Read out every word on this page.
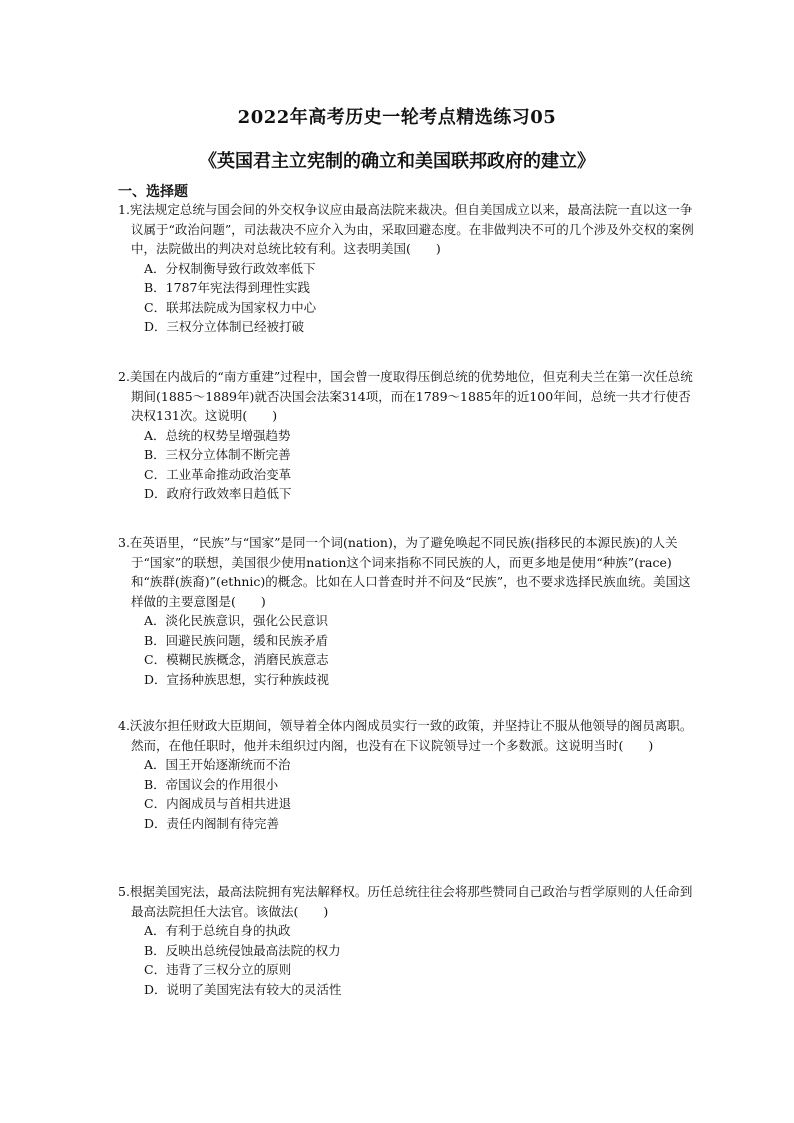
2022年高考历史一轮考点精选练习05
《英国君主立宪制的确立和美国联邦政府的建立》
一、选择题

1.宪法规定总统与国会间的外交权争议应由最高法院来裁决。但自美国成立以来，最高法院一直以这一争议属于“政治问题”，司法裁决不应介入为由，采取回避态度。在非做判决不可的几个涉及外交权的案例中，法院做出的判决对总统比较有利。这表明美国(　　)

A．分权制衡导致行政效率低下
B．1787年宪法得到理性实践
C．联邦法院成为国家权力中心
D．三权分立体制已经被打破

2.美国在内战后的“南方重建”过程中，国会曾一度取得压倒总统的优势地位，但克利夫兰在第一次任总统期间(1885～1889年)就否决国会法案314项，而在1789～1885年的近100年间，总统一共才行使否决权131次。这说明(　　)

A．总统的权势呈增强趋势
B．三权分立体制不断完善
C．工业革命推动政治变革
D．政府行政效率日趋低下

3.在英语里，“民族”与“国家”是同一个词(nation)，为了避免唤起不同民族(指移民的本源民族)的人关于“国家”的联想，美国很少使用nation这个词来指称不同民族的人，而更多地是使用“种族”(race)和“族群(族裔)”(ethnic)的概念。比如在人口普查时并不问及“民族”，也不要求选择民族血统。美国这样做的主要意图是(　　)

A．淡化民族意识，强化公民意识
B．回避民族问题，缓和民族矛盾
C．模糊民族概念，消磨民族意志
D．宣扬种族思想，实行种族歧视

4.沃波尔担任财政大臣期间，领导着全体内阁成员实行一致的政策，并坚持让不服从他领导的阁员离职。然而，在他任职时，他并未组织过内阁，也没有在下议院领导过一个多数派。这说明当时(　　)

A．国王开始逐渐统而不治
B．帝国议会的作用很小
C．内阁成员与首相共进退
D．责任内阁制有待完善

5.根据美国宪法，最高法院拥有宪法解释权。历任总统往往会将那些赞同自己政治与哲学原则的人任命到最高法院担任大法官。该做法(　　)

A．有利于总统自身的执政
B．反映出总统侵蚀最高法院的权力
C．违背了三权分立的原则
D．说明了美国宪法有较大的灵活性
